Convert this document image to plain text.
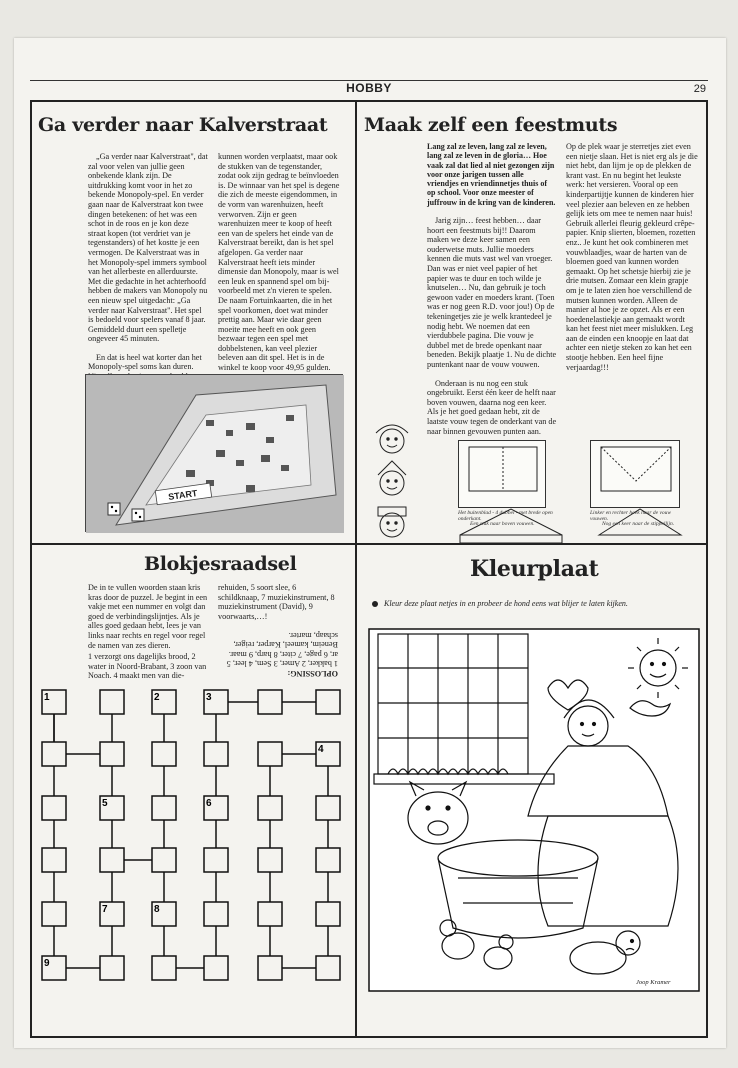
HOBBY	29
Ga verder naar Kalverstraat

„Ga verder naar Kalverstraat", dat zal voor velen van jullie geen onbekende klank zijn. De uitdrukking komt voor in het zo bekende Monopoly-spel. En verder gaan naar de Kalverstraat kon twee dingen betekenen: of het was een schot in de roos en je kon deze straat kopen (tot verdriet van je tegenstanders) of het kostte je een vermogen. De Kalverstraat was in het Monopoly-spel immers symbool van het allerbeste en allerduurste. Met die gedachte in het achterhoofd hebben de makers van Monopoly nu een nieuw spel uitgedacht: „Ga verder naar Kalverstraat". Het spel is bedoeld voor spelers vanaf 8 jaar. Gemiddeld duurt een spelletje ongeveer 45 minuten.

En dat is heel wat korter dan het Monopoly-spel soms kan duren.

kunnen worden verplaatst, maar ook de stukken van de tegenstander, zodat ook zijn gedrag te beïnvloeden is. De winnaar van het spel is degene die zich de meeste eigendommen, in de vorm van warenhuizen, heeft verworven. Zijn er geen warenhuizen meer te koop of heeft een van de spelers het einde van de Kalverstraat bereikt, dan is het spel afgelopen. Ga verder naar Kalverstraat heeft iets minder dimensie dan Monopoly, maar is wel een leuk en spannend spel om bij-voorbeeld met z'n vieren te spelen. De naam Fortuinkaarten, die in het spel voorkomen, doet wat minder prettig aan. Maar wie daar geen moeite mee heeft en ook geen bezwaar tegen een spel met dobbelstenen, kan veel plezier beleven aan dit spel. Het is in de winkel te koop voor 49,95 gulden.

START
Maak zelf een feestmuts

Lang zal ze leven, lang zal ze leven, lang zal ze leven in de gloria… Hoe vaak zal dat lied al niet gezongen zijn voor onze jarigen tussen alle vriendjes en vriendinnetjes thuis of op school. Voor onze meester of juffrouw in de kring van de kinderen.

Jarig zijn… feest hebben… daar hoort een feestmuts bij!! Daarom maken we deze keer samen een ouderwetse muts. Jullie moeders kennen die muts vast wel van vroeger. Dan was er niet veel papier of het papier was te duur en toch wilde je knutselen… Nu, dan gebruik je toch gewoon vader en moeders krant. (Toen was er nog geen R.D. voor jou!) Op de tekeningetjes zie je welk krantedeel je nodig hebt. We noemen dat een vierdubbele pagina. Die vouw je dubbel met de brede openkant naar beneden. Bekijk plaatje 1. Nu de dichte puntenkant naar de vouw vouwen.

Onderaan is nu nog een stuk ongebruikt. Eerst één keer de helft naar boven vouwen, daarna nog een keer. Als je het goed gedaan hebt, zit de laatste vouw tegen de onderkant van de naar binnen gevouwen punten aan.

Op de plek waar je sterretjes ziet even een nietje slaan. Het is niet erg als je die niet hebt, dan lijm je op de plekken de krant vast. En nu begint het leukste werk: het versieren. Vooral op een kinderpartijtje kunnen de kinderen hier veel plezier aan beleven en ze hebben gelijk iets om mee te nemen naar huis! Gebruik allerlei fleurig gekleurd crêpe-papier. Knip slierten, bloemen, rozetten enz.. Je kunt het ook combineren met vouwblaadjes, waar de harten van de bloemen goed van kunnen worden gemaakt. Op het schetsje hierbij zie je drie mutsen. Zomaar een klein grapje om je te laten zien hoe verschillend de mutsen kunnen worden. Alleen de manier al hoe je ze opzet. Als er een hoedenelastiekje aan gemaakt wordt kan het feest niet meer mislukken. Leg aan de einden een knoopje en laat dat achter een nietje steken zo kan het een stootje hebben. Een heel fijne verjaardag!!!

Het buitenblad - 4 dubbel - met brede open onderkant.
Linker en rechter hoek naar de vouw vouwen.
Een stuk naar boven vouwen.	Nog een keer naar de stippellijn.
Blokjesraadsel

De in te vullen woorden staan kris kras door de puzzel. Je begint in een vakje met een nummer en volgt dan goed de verbindingslijntjes. Als je alles goed gedaan hebt, lees je van links naar rechts en regel voor regel de namen van zes dieren.

1 verzorgt ons dagelijks brood, 2 water in Noord-Brabant, 3 zoon van Noach. 4 maakt men van die-

rehuiden, 5 soort slee, 6 schildknaap, 7 muziekinstrument, 8 muziekinstrument (David), 9 voorwaarts,…!

OPLOSSING:
1 bakker, 2 Amer, 3 Sem, 4 leer, 5 ar, 6 page, 7 citer, 8 harp, 9 maar. Beneim, kameel, Karper, reiger, schaap, marter.
1	2	3
4
5	6
7	8
9
Kleurplaat
Kleur deze plaat netjes in en probeer de hond eens wat blijer te laten kijken.
Joop Kramer
